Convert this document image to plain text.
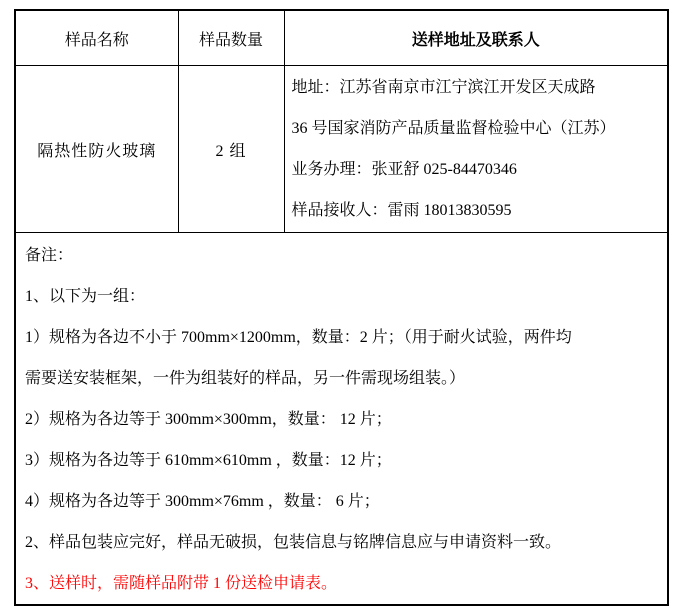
样品名称	样品数量	送样地址及联系人
隔热性防火玻璃	2 组	地址：江苏省南京市江宁滨江开发区天成路
36 号国家消防产品质量监督检验中心（江苏）
业务办理：张亚舒 025-84470346
样品接收人：雷雨 18013830595

备注：
1、以下为一组：
1）规格为各边不小于 700mm×1200mm，数量：2 片；（用于耐火试验，两件均
需要送安装框架，一件为组装好的样品，另一件需现场组装。）
2）规格为各边等于 300mm×300mm，数量： 12 片；
3）规格为各边等于 610mm×610mm ，数量：12 片；
4）规格为各边等于 300mm×76mm ，数量： 6 片；
2、样品包装应完好，样品无破损，包装信息与铭牌信息应与申请资料一致。
3、送样时，需随样品附带 1 份送检申请表。
